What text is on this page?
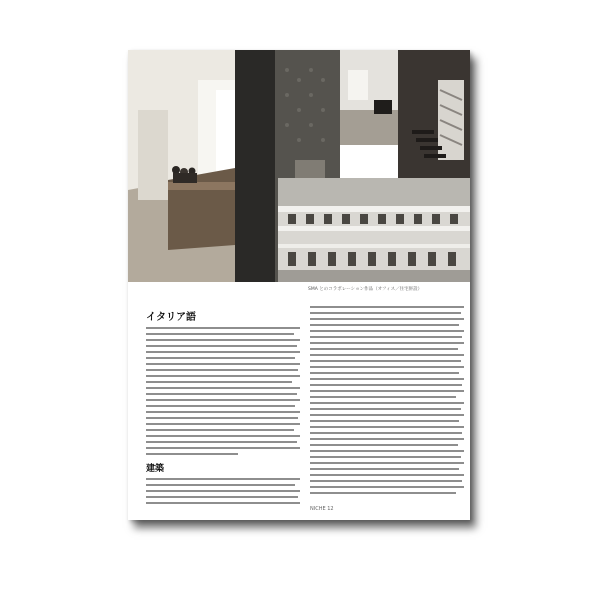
SMA とのコラボレーション作品（オフィス／住宅併設）
イタリア語
建築
NICHE 12
